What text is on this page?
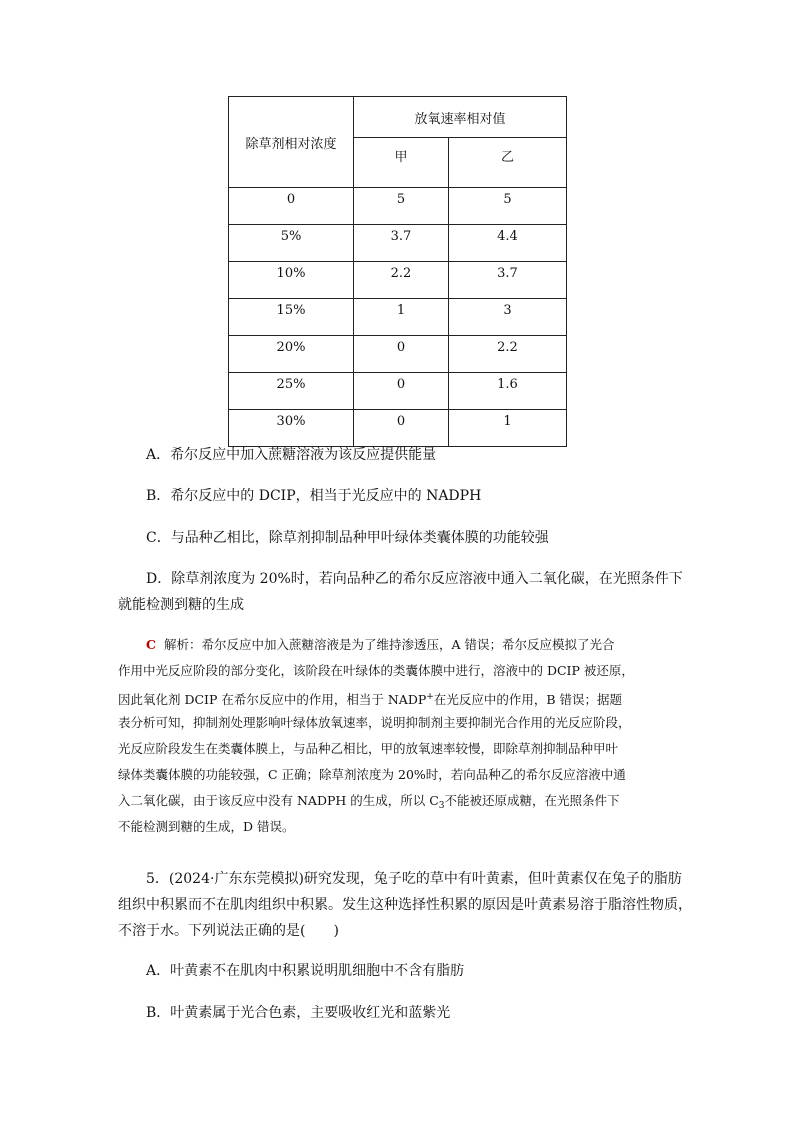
除草剂相对浓度	放氧速率相对值	
	甲	乙
0	5	5
5%	3.7	4.4
10%	2.2	3.7
15%	1	3
20%	0	2.2
25%	0	1.6
30%	0	1

A．希尔反应中加入蔗糖溶液为该反应提供能量

B．希尔反应中的 DCIP，相当于光反应中的 NADPH

C．与品种乙相比，除草剂抑制品种甲叶绿体类囊体膜的功能较强

D．除草剂浓度为 20%时，若向品种乙的希尔反应溶液中通入二氧化碳，在光照条件下

就能检测到糖的生成

C 解析：希尔反应中加入蔗糖溶液是为了维持渗透压，A 错误；希尔反应模拟了光合
作用中光反应阶段的部分变化，该阶段在叶绿体的类囊体膜中进行，溶液中的 DCIP 被还原，
因此氧化剂 DCIP 在希尔反应中的作用，相当于 NADP+在光反应中的作用，B 错误；据题
表分析可知，抑制剂处理影响叶绿体放氧速率，说明抑制剂主要抑制光合作用的光反应阶段，
光反应阶段发生在类囊体膜上，与品种乙相比，甲的放氧速率较慢，即除草剂抑制品种甲叶
绿体类囊体膜的功能较强，C 正确；除草剂浓度为 20%时，若向品种乙的希尔反应溶液中通
入二氧化碳，由于该反应中没有 NADPH 的生成，所以 $C_3$不能被还原成糖，在光照条件下
不能检测到糖的生成，D 错误。

5．(2024·广东东莞模拟)研究发现，兔子吃的草中有叶黄素，但叶黄素仅在兔子的脂肪

组织中积累而不在肌肉组织中积累。发生这种选择性积累的原因是叶黄素易溶于脂溶性物质，

不溶于水。下列说法正确的是(　　)

A．叶黄素不在肌肉中积累说明肌细胞中不含有脂肪

B．叶黄素属于光合色素，主要吸收红光和蓝紫光
